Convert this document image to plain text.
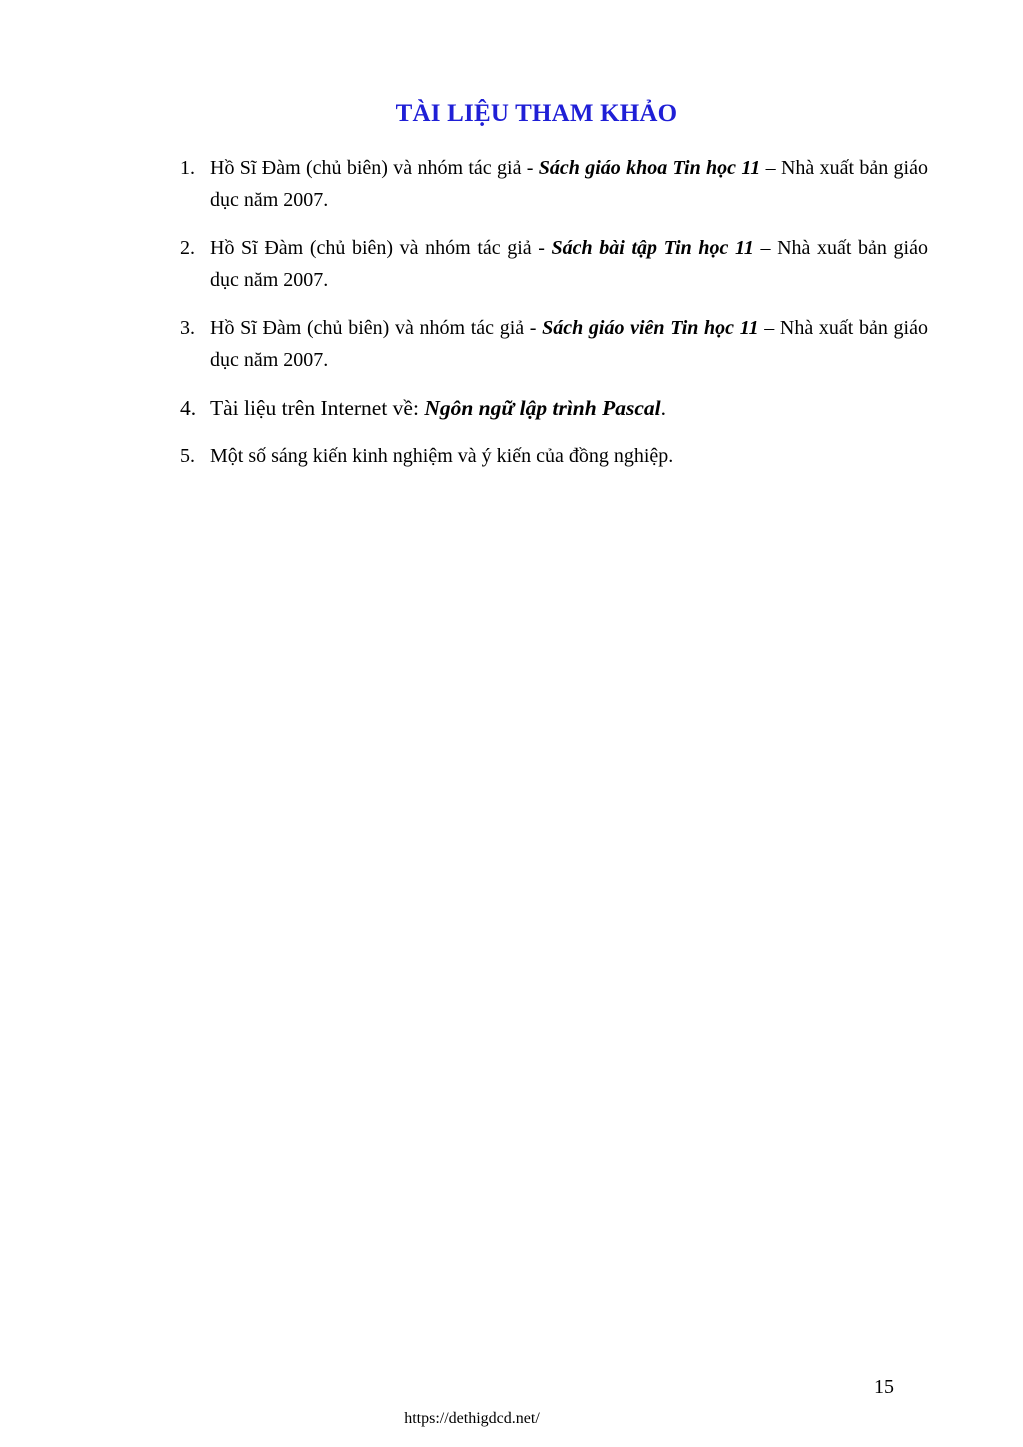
TÀI LIỆU THAM KHẢO
1. Hồ Sĩ Đàm (chủ biên) và nhóm tác giả - Sách giáo khoa Tin học 11 – Nhà xuất bản giáo dục năm 2007.
2. Hồ Sĩ Đàm (chủ biên) và nhóm tác giả - Sách bài tập Tin học 11 – Nhà xuất bản giáo dục năm 2007.
3. Hồ Sĩ Đàm (chủ biên) và nhóm tác giả - Sách giáo viên Tin học 11 – Nhà xuất bản giáo dục năm 2007.
4. Tài liệu trên Internet về: Ngôn ngữ lập trình Pascal.
5. Một số sáng kiến kinh nghiệm và ý kiến của đồng nghiệp.
15
https://dethigdcd.net/
